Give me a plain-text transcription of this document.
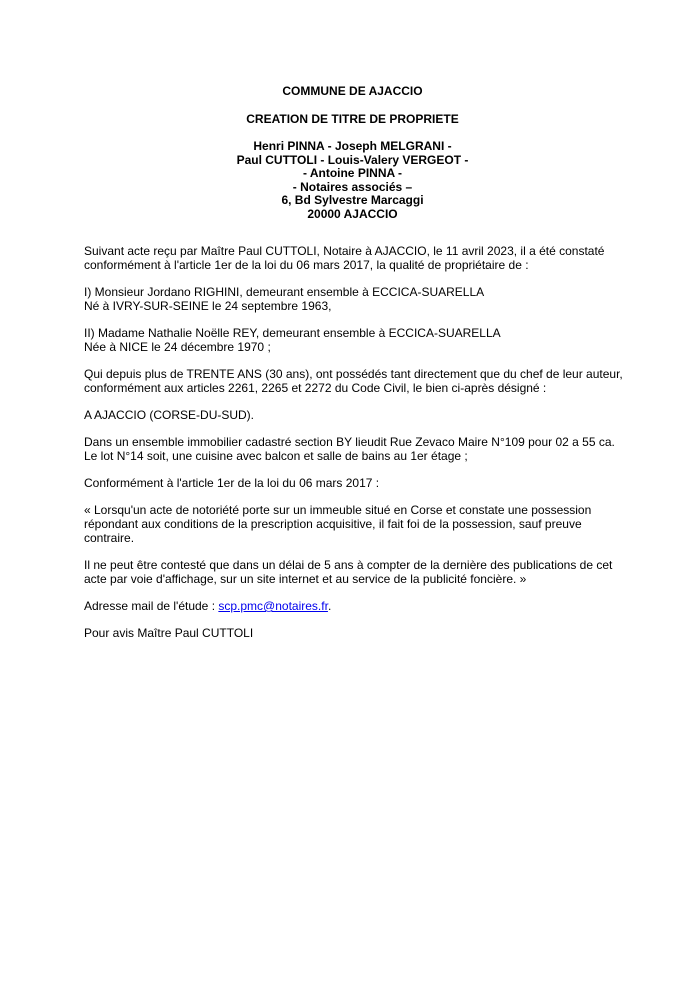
COMMUNE DE AJACCIO
CREATION DE TITRE DE PROPRIETE
Henri PINNA - Joseph MELGRANI -
Paul CUTTOLI - Louis-Valery VERGEOT -
- Antoine PINNA -
- Notaires associés –
6, Bd Sylvestre Marcaggi
20000 AJACCIO
Suivant acte reçu par Maître Paul CUTTOLI, Notaire à AJACCIO, le 11 avril 2023, il a été constaté
conformément à l'article 1er de la loi du 06 mars 2017, la qualité de propriétaire de :
I) Monsieur Jordano RIGHINI, demeurant ensemble à ECCICA-SUARELLA
Né à IVRY-SUR-SEINE le 24 septembre 1963,
II) Madame Nathalie Noëlle REY, demeurant ensemble à ECCICA-SUARELLA
Née à NICE le 24 décembre 1970 ;
Qui depuis plus de TRENTE ANS (30 ans), ont possédés tant directement que du chef de leur auteur,
conformément aux articles 2261, 2265 et 2272 du Code Civil, le bien ci-après désigné :
A AJACCIO (CORSE-DU-SUD).
Dans un ensemble immobilier cadastré section BY lieudit Rue Zevaco Maire N°109 pour 02 a 55 ca.
Le lot N°14 soit, une cuisine avec balcon et salle de bains au 1er étage ;
Conformément à l'article 1er de la loi du 06 mars 2017 :
« Lorsqu'un acte de notoriété porte sur un immeuble situé en Corse et constate une possession
répondant aux conditions de la prescription acquisitive, il fait foi de la possession, sauf preuve
contraire.
Il ne peut être contesté que dans un délai de 5 ans à compter de la dernière des publications de cet
acte par voie d'affichage, sur un site internet et au service de la publicité foncière. »
Adresse mail de l'étude : scp.pmc@notaires.fr.
Pour avis Maître Paul CUTTOLI
